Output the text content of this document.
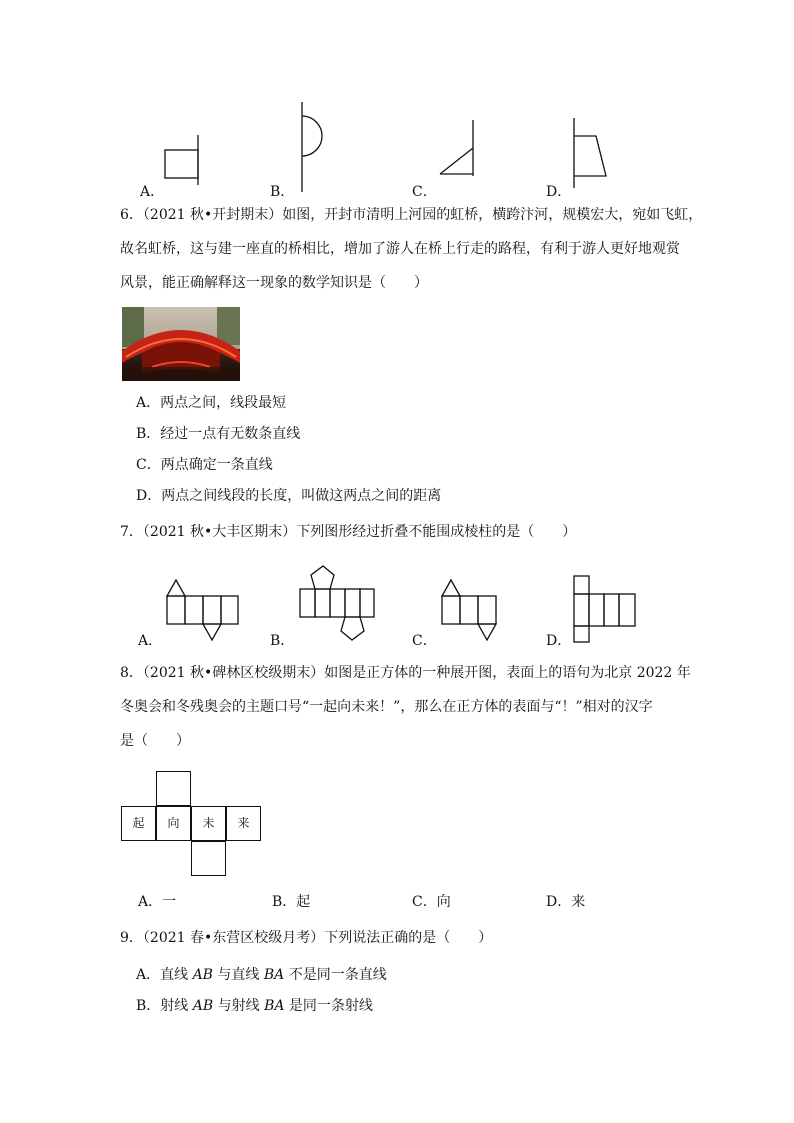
A．	B．	C．	D．
6．（2021 秋•开封期末）如图，开封市清明上河园的虹桥，横跨汴河，规模宏大，宛如飞虹，
故名虹桥，这与建一座直的桥相比，增加了游人在桥上行走的路程，有利于游人更好地观赏
风景，能正确解释这一现象的数学知识是（　　）
A．两点之间，线段最短
B．经过一点有无数条直线
C．两点确定一条直线
D．两点之间线段的长度，叫做这两点之间的距离
7．（2021 秋•大丰区期末）下列图形经过折叠不能围成棱柱的是（　　）
A．	B．	C．	D．
8．（2021 秋•碑林区校级期末）如图是正方体的一种展开图，表面上的语句为北京 2022 年
冬奥会和冬残奥会的主题口号“一起向未来！”，那么在正方体的表面与“！”相对的汉字
是（　　）
起	向	未	来
A．一	B．起	C．向	D．来
9．（2021 春•东营区校级月考）下列说法正确的是（　　）
A．直线 AB 与直线 BA 不是同一条直线
B．射线 AB 与射线 BA 是同一条射线
